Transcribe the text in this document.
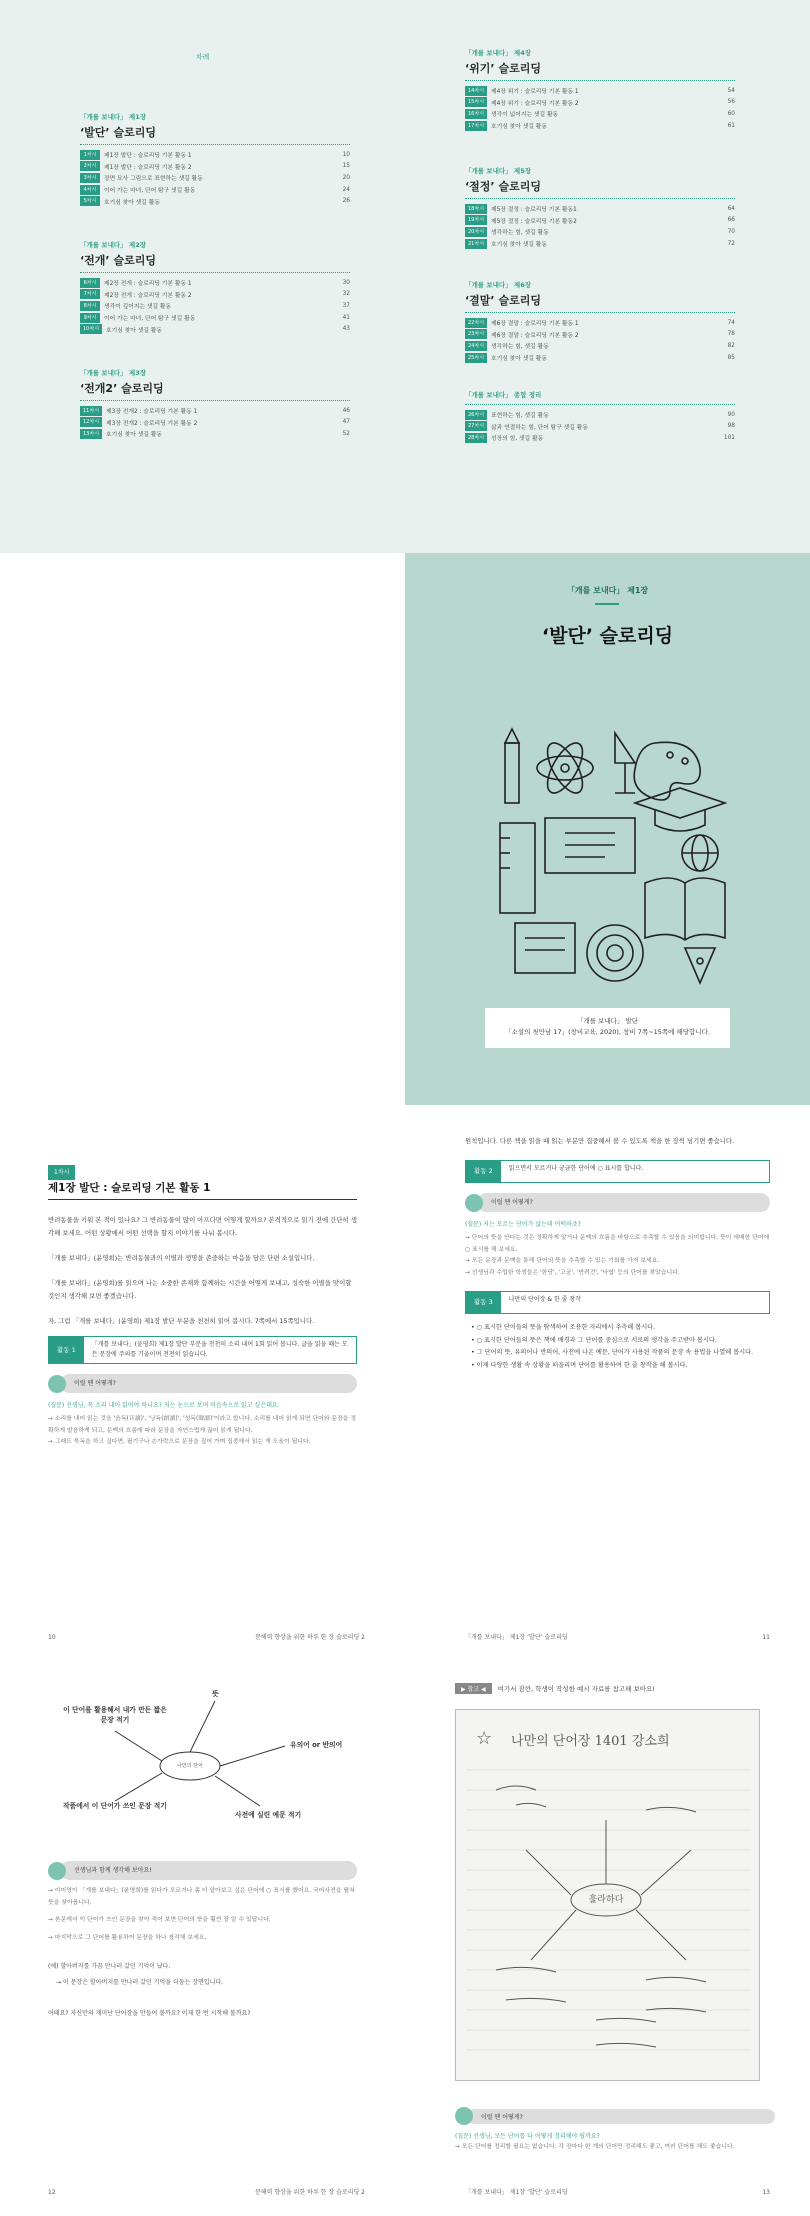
차례
「개를 보내다」 제1장
‘발단’ 슬로리딩
1차시	제1장 발단 : 슬로리딩 기본 활동 1	10
2차시	제1장 발단 : 슬로리딩 기본 활동 2	15
3차시	장면 묘사 그림으로 표현하는 샛길 활동	20
4차시	이어 가는 마녀, 단어 탐구 샛길 활동	24
5차시	호기심 찾아 샛길 활동	26
「개를 보내다」 제2장
‘전개’ 슬로리딩
6차시	제2장 전개 : 슬로리딩 기본 활동 1	30
7차시	제2장 전개 : 슬로리딩 기본 활동 2	32
8차시	생각이 깊어지는 샛길 활동	37
9차시	이어 가는 마녀, 단어 탐구 샛길 활동	41
10차시	호기심 찾아 샛길 활동	43
「개를 보내다」 제3장
‘전개2’ 슬로리딩
11차시	제3장 전개2 : 슬로리딩 기본 활동 1	46
12차시	제3장 전개2 : 슬로리딩 기본 활동 2	47
13차시	호기심 찾아 샛길 활동	52
「개를 보내다」 제4장
‘위기’ 슬로리딩
14차시	제4장 위기 : 슬로리딩 기본 활동 1	54
15차시	제4장 위기 : 슬로리딩 기본 활동 2	56
16차시	생각이 넓어지는 샛길 활동	60
17차시	호기심 찾아 샛길 활동	61
「개를 보내다」 제5장
‘절정’ 슬로리딩
18차시	제5장 절정 : 슬로리딩 기본 활동1	64
19차시	제5장 절정 : 슬로리딩 기본 활동2	66
20차시	생각하는 힘, 샛길 활동	70
21차시	호기심 찾아 샛길 활동	72
「개를 보내다」 제6장
‘결말’ 슬로리딩
22차시	제6장 결말 : 슬로리딩 기본 활동 1	74
23차시	제6장 결말 : 슬로리딩 기본 활동 2	78
24차시	생각하는 힘, 샛길 활동	82
25차시	호기심 찾아 샛길 활동	85
「개를 보내다」 종합 정리
26차시	표현하는 힘, 샛길 활동	90
27차시	삶과 연결하는 힘, 단어 탐구 샛길 활동	98
28차시	성장의 힘, 샛길 활동	101
「개를 보내다」 제1장
‘발단’ 슬로리딩
「개를 보내다」 발단
「소설의 첫만남 17」(창비교육, 2020), 창비 7쪽∼15쪽에 해당합니다.
1차시
제1장 발단 : 슬로리딩 기본 활동 1

반려동물을 키워 본 적이 있나요? 그 반려동물이 많이 아프다면 어떻게 할까요? 본격적으로 읽기 전에 간단히 생각해 보세요. 어떤 상황에서 어떤 선택을 할지 이야기를 나눠 봅시다.

「개를 보내다」(윤영희)는 반려동물과의 이별과 생명을 존중하는 마음을 담은 단편 소설입니다.

「개를 보내다」(윤영희)를 읽으며 나는 소중한 존재와 함께하는 시간을 어떻게 보내고, 성숙한 이별을 맞이할 것인지 생각해 보면 좋겠습니다.

자, 그럼 「개를 보내다」(윤영희) 제1장 발단 부분을 천천히 읽어 봅시다. 7쪽에서 15쪽입니다.

활동 1
「개를 보내다」(윤영희) 제1장 발단 부분을 천천히 소리 내어 1회 읽어 봅니다. 글을 읽을 때는 모든 문장에 주의를 기울이며 천천히 읽습니다.
이럴 땐 어떻게?
(질문) 선생님, 꼭 소리 내어 읽어야 하나요? 저는 눈으로 보며 마음속으로 읽고 싶은데요.
→ 소리를 내어 읽는 것을 '음독(音讀)', '낭독(朗讀)', '성독(聲讀)'이라고 합니다. 소리를 내어 읽게 되면 단어와 문장을 정확하게 발음하게 되고, 문맥의 흐름에 따라 문장을 자연스럽게 끊어 읽게 됩니다.
→ 그래도 묵독을 하고 싶다면, 필기구나 손가락으로 문장을 짚어 가며 집중해서 읽는 게 도움이 됩니다.
10	문해력 향상을 위한 하루 한 장 슬로리딩 2

원칙입니다. 다른 책을 읽을 때 읽는 부분만 집중해서 볼 수 있도록 책을 한 장씩 넘기면 좋습니다.

활동 2	읽으면서 모르거나 궁금한 단어에 ○ 표시를 합니다.
이럴 땐 어떻게?
(질문) 저는 모르는 단어가 없는데 어떡하죠?
→ 단어의 뜻을 안다는 것은 정확하게 알거나 문맥의 흐름을 바탕으로 추측할 수 있음을 의미합니다. 뜻이 애매한 단어에 ○ 표시를 해 보세요.
→ 모든 문장과 문맥을 통해 단어의 뜻을 추측할 수 있는 기회를 가져 보세요.
→ 선생님과 수업한 학생들은 '한당', '고궁', '반려견', '낙엽' 등의 단어를 찾았습니다.
활동 3	나만의 단어장 & 한 줄 창작
• ○ 표시한 단어들의 뜻을 탐색하여 조용한 자리에서 추측해 봅시다.
• ○ 표시한 단어들의 뜻은 책에 배경과 그 단어를 중심으로 서로의 생각을 주고받아 봅시다.
• 그 단어의 뜻, 유의어나 반의어, 사전에 나온 예문, 단어가 사용된 작품의 문장 속 용법을 나열해 봅시다.
• 이제 다양한 생활 속 상황을 떠올리며 단어를 활용하여 한 줄 창작을 해 봅시다.
「개를 보내다」 제1장 ‘발단’ 슬로리딩	11
나만의 단어
뜻
이 단어를 활용해서 내가 만든 짧은 문장 적기
유의어 or 반의어
작품에서 이 단어가 쓰인 문장 적기
사전에 실린 예문 적기
선생님과 함께 생각해 보아요!
→ 이미영이 「개를 보내다」(윤영희)를 읽다가 모르거나 좀 더 알아보고 싶은 단어에 ○ 표시를 했어요. 국어사전을 펼쳐 뜻을 찾아봅니다.
→ 본문에서 이 단어가 쓰인 문장을 찾아 적어 보면 단어의 뜻을 훨씬 잘 알 수 있답니다.
→ 마지막으로 그 단어를 활용하여 문장을 하나 창작해 보세요.
(예) 할아버지를 가끔 만나러 갔던 기억이 났다.
→ 이 문장은 할아버지를 만나러 갔던 기억을 더듬는 장면입니다.
어때요? 자신만의 재미난 단어장을 만들어 볼까요? 이제 한 번 시작해 볼까요?
12	문해력 향상을 위한 하루 한 장 슬로리딩 2
▶ 참고 ◀	여기서 잠깐, 학생이 작성한 예시 자료를 참고해 보아요!
☆ 나만의 단어장 1401 강소희
훌라하다
이럴 땐 어떻게?
(질문) 선생님, 모든 단어를 다 어떻게 정리해야 될까요?
→ 모든 단어를 정리할 필요는 없습니다. 각 장마다 한 개의 단어만 정리해도 좋고, 여러 단어를 해도 좋습니다.
「개를 보내다」 제1장 ‘발단’ 슬로리딩	13
